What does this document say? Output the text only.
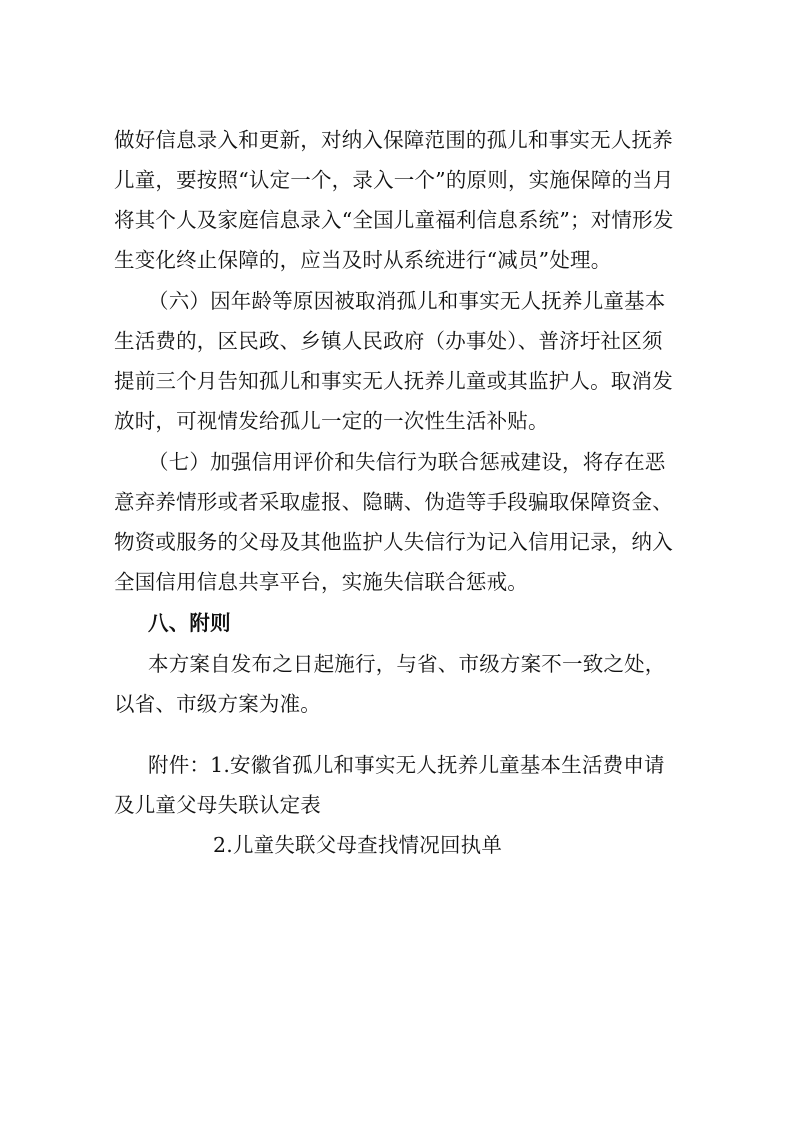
做好信息录入和更新，对纳入保障范围的孤儿和事实无人抚养
儿童，要按照“认定一个，录入一个”的原则，实施保障的当月
将其个人及家庭信息录入“全国儿童福利信息系统”；对情形发
生变化终止保障的，应当及时从系统进行“减员”处理。
（六）因年龄等原因被取消孤儿和事实无人抚养儿童基本
生活费的，区民政、乡镇人民政府（办事处）、普济圩社区须
提前三个月告知孤儿和事实无人抚养儿童或其监护人。取消发
放时，可视情发给孤儿一定的一次性生活补贴。
（七）加强信用评价和失信行为联合惩戒建设，将存在恶
意弃养情形或者采取虚报、隐瞒、伪造等手段骗取保障资金、
物资或服务的父母及其他监护人失信行为记入信用记录，纳入
全国信用信息共享平台，实施失信联合惩戒。
八、附则
本方案自发布之日起施行，与省、市级方案不一致之处，
以省、市级方案为准。
附件：1.安徽省孤儿和事实无人抚养儿童基本生活费申请
及儿童父母失联认定表
2.儿童失联父母查找情况回执单
